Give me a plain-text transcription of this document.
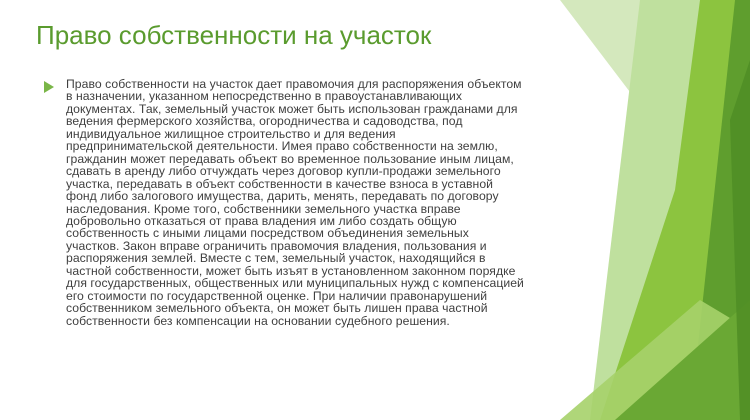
Право собственности на участок
Право собственности на участок дает правомочия для распоряжения объектом
в назначении, указанном непосредственно в правоустанавливающих
документах. Так, земельный участок может быть использован гражданами для
ведения фермерского хозяйства, огородничества и садоводства, под
индивидуальное жилищное строительство и для ведения
предпринимательской деятельности. Имея право собственности на землю,
гражданин может передавать объект во временное пользование иным лицам,
сдавать в аренду либо отчуждать через договор купли-продажи земельного
участка, передавать в объект собственности в качестве взноса в уставной
фонд либо залогового имущества, дарить, менять, передавать по договору
наследования. Кроме того, собственники земельного участка вправе
добровольно отказаться от права владения им либо создать общую
собственность с иными лицами посредством объединения земельных
участков. Закон вправе ограничить правомочия владения, пользования и
распоряжения землей. Вместе с тем, земельный участок, находящийся в
частной собственности, может быть изъят в установленном законном порядке
для государственных, общественных или муниципальных нужд с компенсацией
его стоимости по государственной оценке. При наличии правонарушений
собственником земельного объекта, он может быть лишен права частной
собственности без компенсации на основании судебного решения.
